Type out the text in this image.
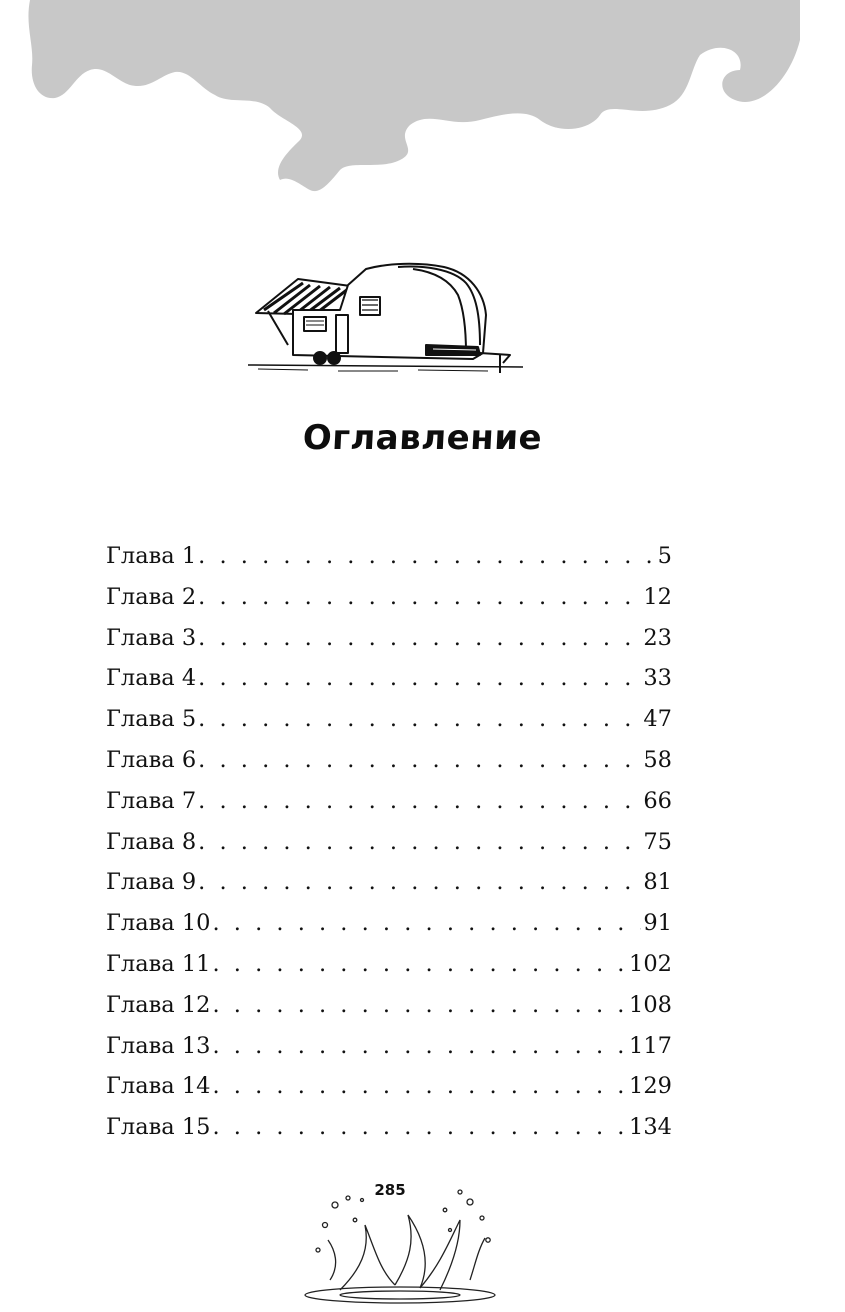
Оглавление
Глава 1 . . .	5
Глава 2 . . .	12
Глава 3 . . .	23
Глава 4 . . .	33
Глава 5 . . .	47
Глава 6 . . .	58
Глава 7 . . .	66
Глава 8 . . .	75
Глава 9 . . .	81
Глава 10 . . .	91
Глава 11 . . .	102
Глава 12 . . .	108
Глава 13 . . .	117
Глава 14 . . .	129
Глава 15 . . .	134
285
